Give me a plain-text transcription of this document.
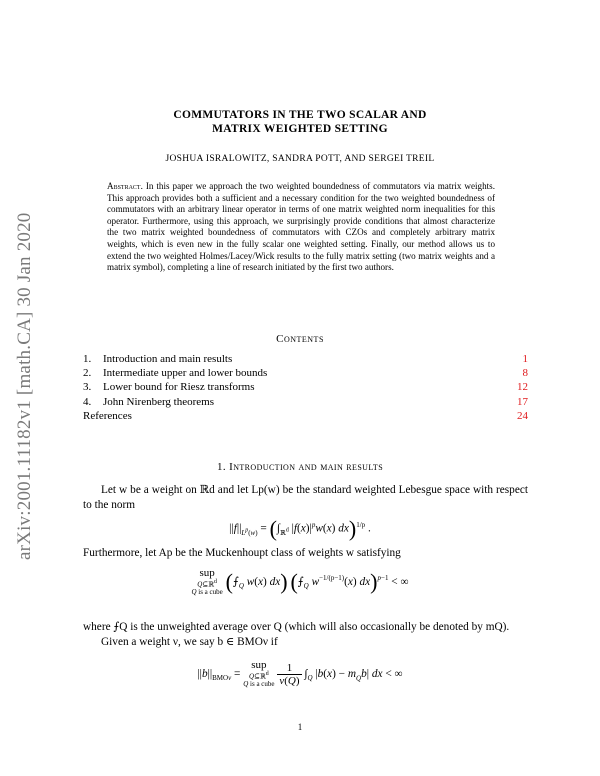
arXiv:2001.11182v1 [math.CA] 30 Jan 2020
COMMUTATORS IN THE TWO SCALAR AND
MATRIX WEIGHTED SETTING
JOSHUA ISRALOWITZ, SANDRA POTT, AND SERGEI TREIL
Abstract. In this paper we approach the two weighted boundedness of commutators via matrix weights. This approach provides both a sufficient and a necessary condition for the two weighted boundedness of commutators with an arbitrary linear operator in terms of one matrix weighted norm inequalities for this operator. Furthermore, using this approach, we surprisingly provide conditions that almost characterize the two matrix weighted boundedness of commutators with CZOs and completely arbitrary matrix weights, which is even new in the fully scalar one weighted setting. Finally, our method allows us to extend the two weighted Holmes/Lacey/Wick results to the fully matrix setting (two matrix weights and a matrix symbol), completing a line of research initiated by the first two authors.
Contents
1.	Introduction and main results	1
2.	Intermediate upper and lower bounds	8
3.	Lower bound for Riesz transforms	12
4.	John Nirenberg theorems	17
References	24
1. Introduction and main results
Let w be a weight on ℝd and let Lp(w) be the standard weighted Lebesgue space with respect to the norm
$||f||_{L^p(w)} = (\int_{ℝ^d}$ $|f(x)|^pw(x)$ dx)$^{1/p}$ .
Furthermore, let Ap be the Muckenhoupt class of weights w satisfying
sup
Q⊆ℝ$^d$
Q is a cube ($⨍_Q$ w(x) dx) ($⨍_Q$ $w^{-1/(p-1)}(x) dx)^{p-1}$ < ∞
where ⨍Q is the unweighted average over Q (which will also occasionally be denoted by mQ).
Given a weight ν, we say b ∈ BMOν if
$||b||_{BMO\nu}$ = sup
Q⊆ℝ$^d$
Q is a cube
$\frac{1}{\nu(Q)} \int_Q$ $|b(x) - m_Qb|$ dx < ∞
1
